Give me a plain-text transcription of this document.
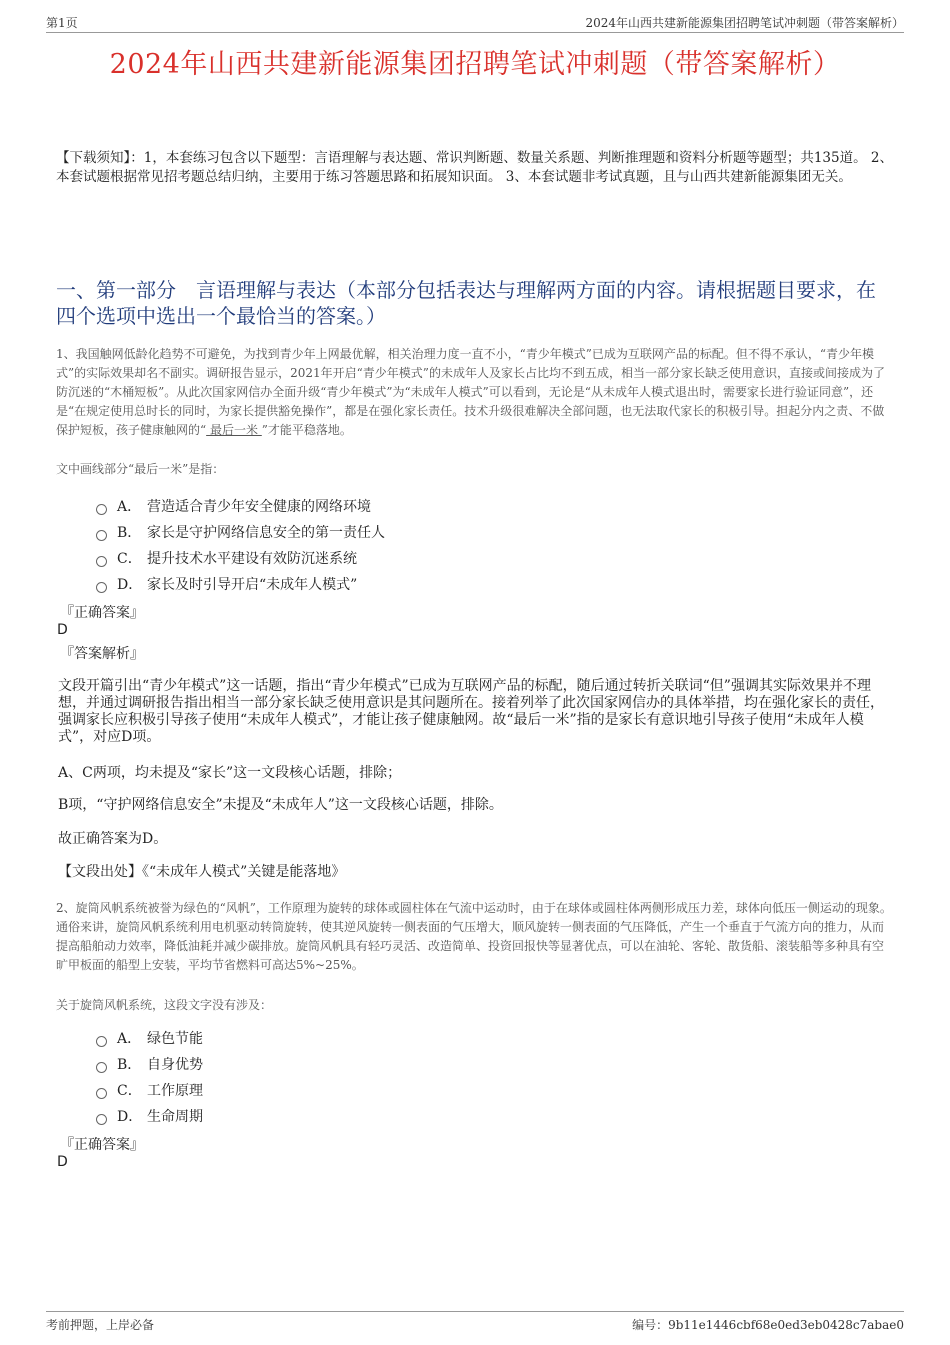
第1页	2024年山西共建新能源集团招聘笔试冲刺题（带答案解析）
2024年山西共建新能源集团招聘笔试冲刺题（带答案解析）
【下载须知】：1，本套练习包含以下题型：言语理解与表达题、常识判断题、数量关系题、判断推理题和资料分析题等题型；共135道。 2、本套试题根据常见招考题总结归纳，主要用于练习答题思路和拓展知识面。 3、本套试题非考试真题，且与山西共建新能源集团无关。
一、第一部分　言语理解与表达（本部分包括表达与理解两方面的内容。请根据题目要求，在四个选项中选出一个最恰当的答案。）
1、我国触网低龄化趋势不可避免，为找到青少年上网最优解，相关治理力度一直不小，“青少年模式”已成为互联网产品的标配。但不得不承认，“青少年模式”的实际效果却名不副实。调研报告显示，2021年开启“青少年模式”的未成年人及家长占比均不到五成，相当一部分家长缺乏使用意识，直接或间接成为了防沉迷的“木桶短板”。从此次国家网信办全面升级“青少年模式”为“未成年人模式”可以看到，无论是“从未成年人模式退出时，需要家长进行验证同意”，还是“在规定使用总时长的同时，为家长提供豁免操作”，都是在强化家长责任。技术升级很难解决全部问题，也无法取代家长的积极引导。担起分内之责、不做保护短板，孩子健康触网的“ 最后一米 ”才能平稳落地。
文中画线部分“最后一米”是指：
A． 营造适合青少年安全健康的网络环境
B． 家长是守护网络信息安全的第一责任人
C． 提升技术水平建设有效防沉迷系统
D． 家长及时引导开启“未成年人模式”
『正确答案』
D
『答案解析』
文段开篇引出“青少年模式”这一话题，指出“青少年模式”已成为互联网产品的标配，随后通过转折关联词“但”强调其实际效果并不理想，并通过调研报告指出相当一部分家长缺乏使用意识是其问题所在。接着列举了此次国家网信办的具体举措，均在强化家长的责任，强调家长应积极引导孩子使用“未成年人模式”，才能让孩子健康触网。故“最后一米”指的是家长有意识地引导孩子使用“未成年人模式”，对应D项。
A、C两项，均未提及“家长”这一文段核心话题，排除；
B项，“守护网络信息安全”未提及“未成年人”这一文段核心话题，排除。
故正确答案为D。
【文段出处】《“未成年人模式”关键是能落地》
2、旋筒风帆系统被誉为绿色的“风帆”，工作原理为旋转的球体或圆柱体在气流中运动时，由于在球体或圆柱体两侧形成压力差，球体向低压一侧运动的现象。通俗来讲，旋筒风帆系统利用电机驱动转筒旋转，使其逆风旋转一侧表面的气压增大，顺风旋转一侧表面的气压降低，产生一个垂直于气流方向的推力，从而提高船舶动力效率，降低油耗并减少碳排放。旋筒风帆具有轻巧灵活、改造简单、投资回报快等显著优点，可以在油轮、客轮、散货船、滚装船等多种具有空旷甲板面的船型上安装，平均节省燃料可高达5%~25%。
关于旋筒风帆系统，这段文字没有涉及：
A． 绿色节能
B． 自身优势
C． 工作原理
D． 生命周期
『正确答案』
D
考前押题，上岸必备	编号：9b11e1446cbf68e0ed3eb0428c7abae0
